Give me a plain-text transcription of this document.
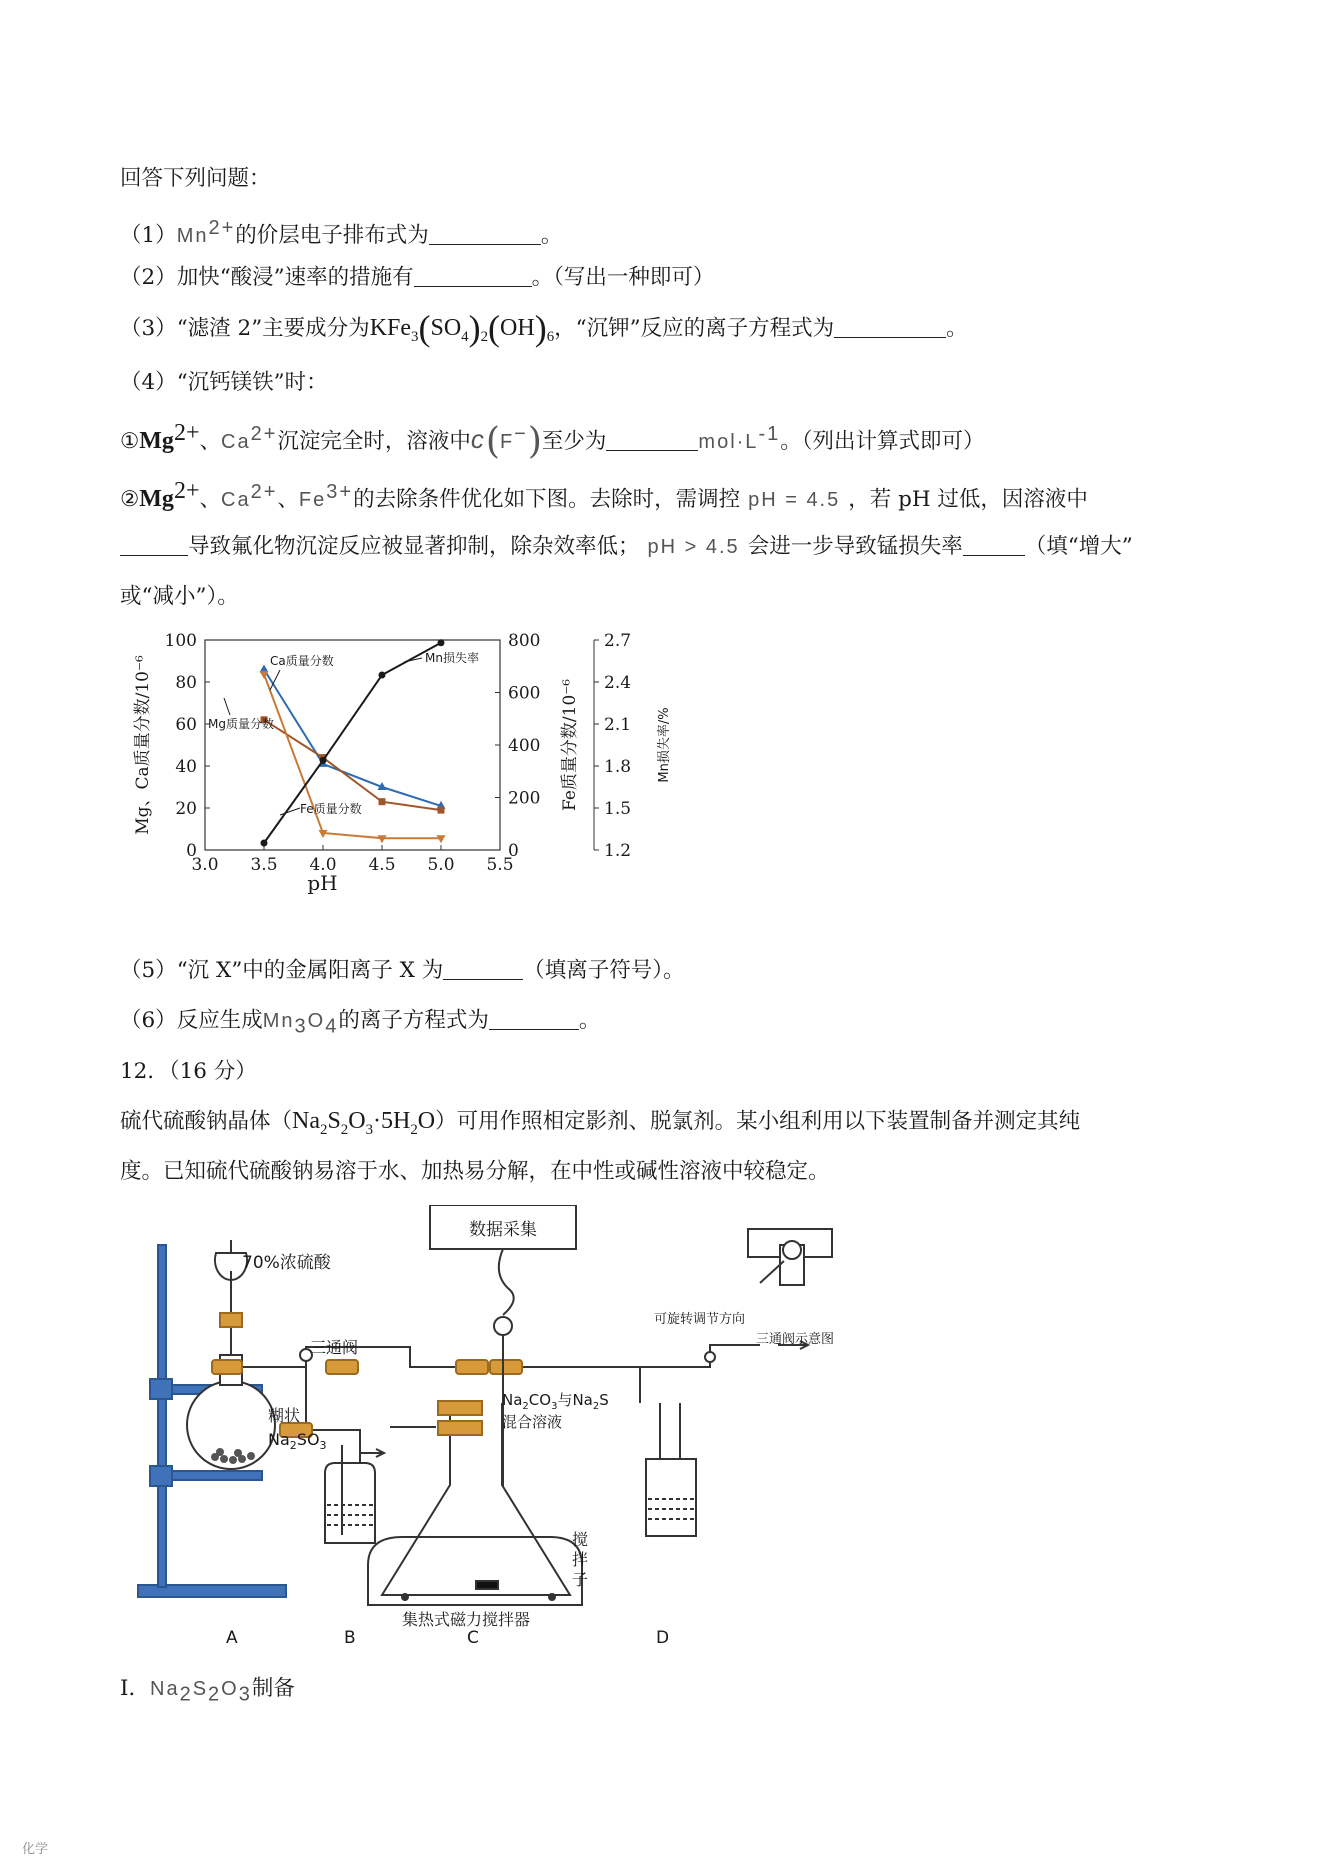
回答下列问题：
$(1)Mn^{2+}$的价层电子排布式为	。
（2）加快“酸浸”速率的措施有	。（写出一种即可）
（3）“滤渣 2”主要成分为$KFe_3(SO_4)_2(OH)_6$，“沉钾”反应的离子方程式为	。
（4）“沉钙镁铁”时：
$①Mg^{2+}$、$Ca^{2+}$沉淀完全时，溶液中c(F−)至少为	$mol\cdot L^{-1}$。（列出计算式即可）
$②Mg^{2+}$、$Ca^{2+}$、$Fe^{3+}$的去除条件优化如下图。去除时，需调控 pH = 4.5 ，若 pH 过低，因溶液中
导致氟化物沉淀反应被显著抑制，除杂效率低； pH > 4.5 会进一步导致锰损失率	（填“增大”
或“减小”）。
3.0 3.5 4.0 4.5 5.0 5.5
pH
0
20
40
60
80
100
Mg、Ca质量分数/10⁻⁶
0
200
400
600
800
Fe质量分数/10⁻⁶
1.2
1.5
1.8
2.1
2.4
2.7
Mn损失率/%
Ca质量分数
Mg质量分数
Fe质量分数
Mn损失率
（5）“沉 X”中的金属阳离子 X 为	（填离子符号）。
（6）反应生成$Mn_3O_4$的离子方程式为	。
12．（16 分）
硫代硫酸钠晶体$(Na_2S_2O_3\cdot 5H_2O)$可用作照相定影剂、脱氯剂。某小组利用以下装置制备并测定其纯
度。已知硫代硫酸钠易溶于水、加热易分解，在中性或碱性溶液中较稳定。
数据采集
70%浓硫酸
三通阀
糊状
$Na_2SO_3$
$Na_2CO_3$与$Na_2S$
混合溶液
搅
拌
子
集热式磁力搅拌器
可旋转调节方向
三通阀示意图
A	B	C	D
Ⅰ．$Na_2S_2O_3$制备
化学
